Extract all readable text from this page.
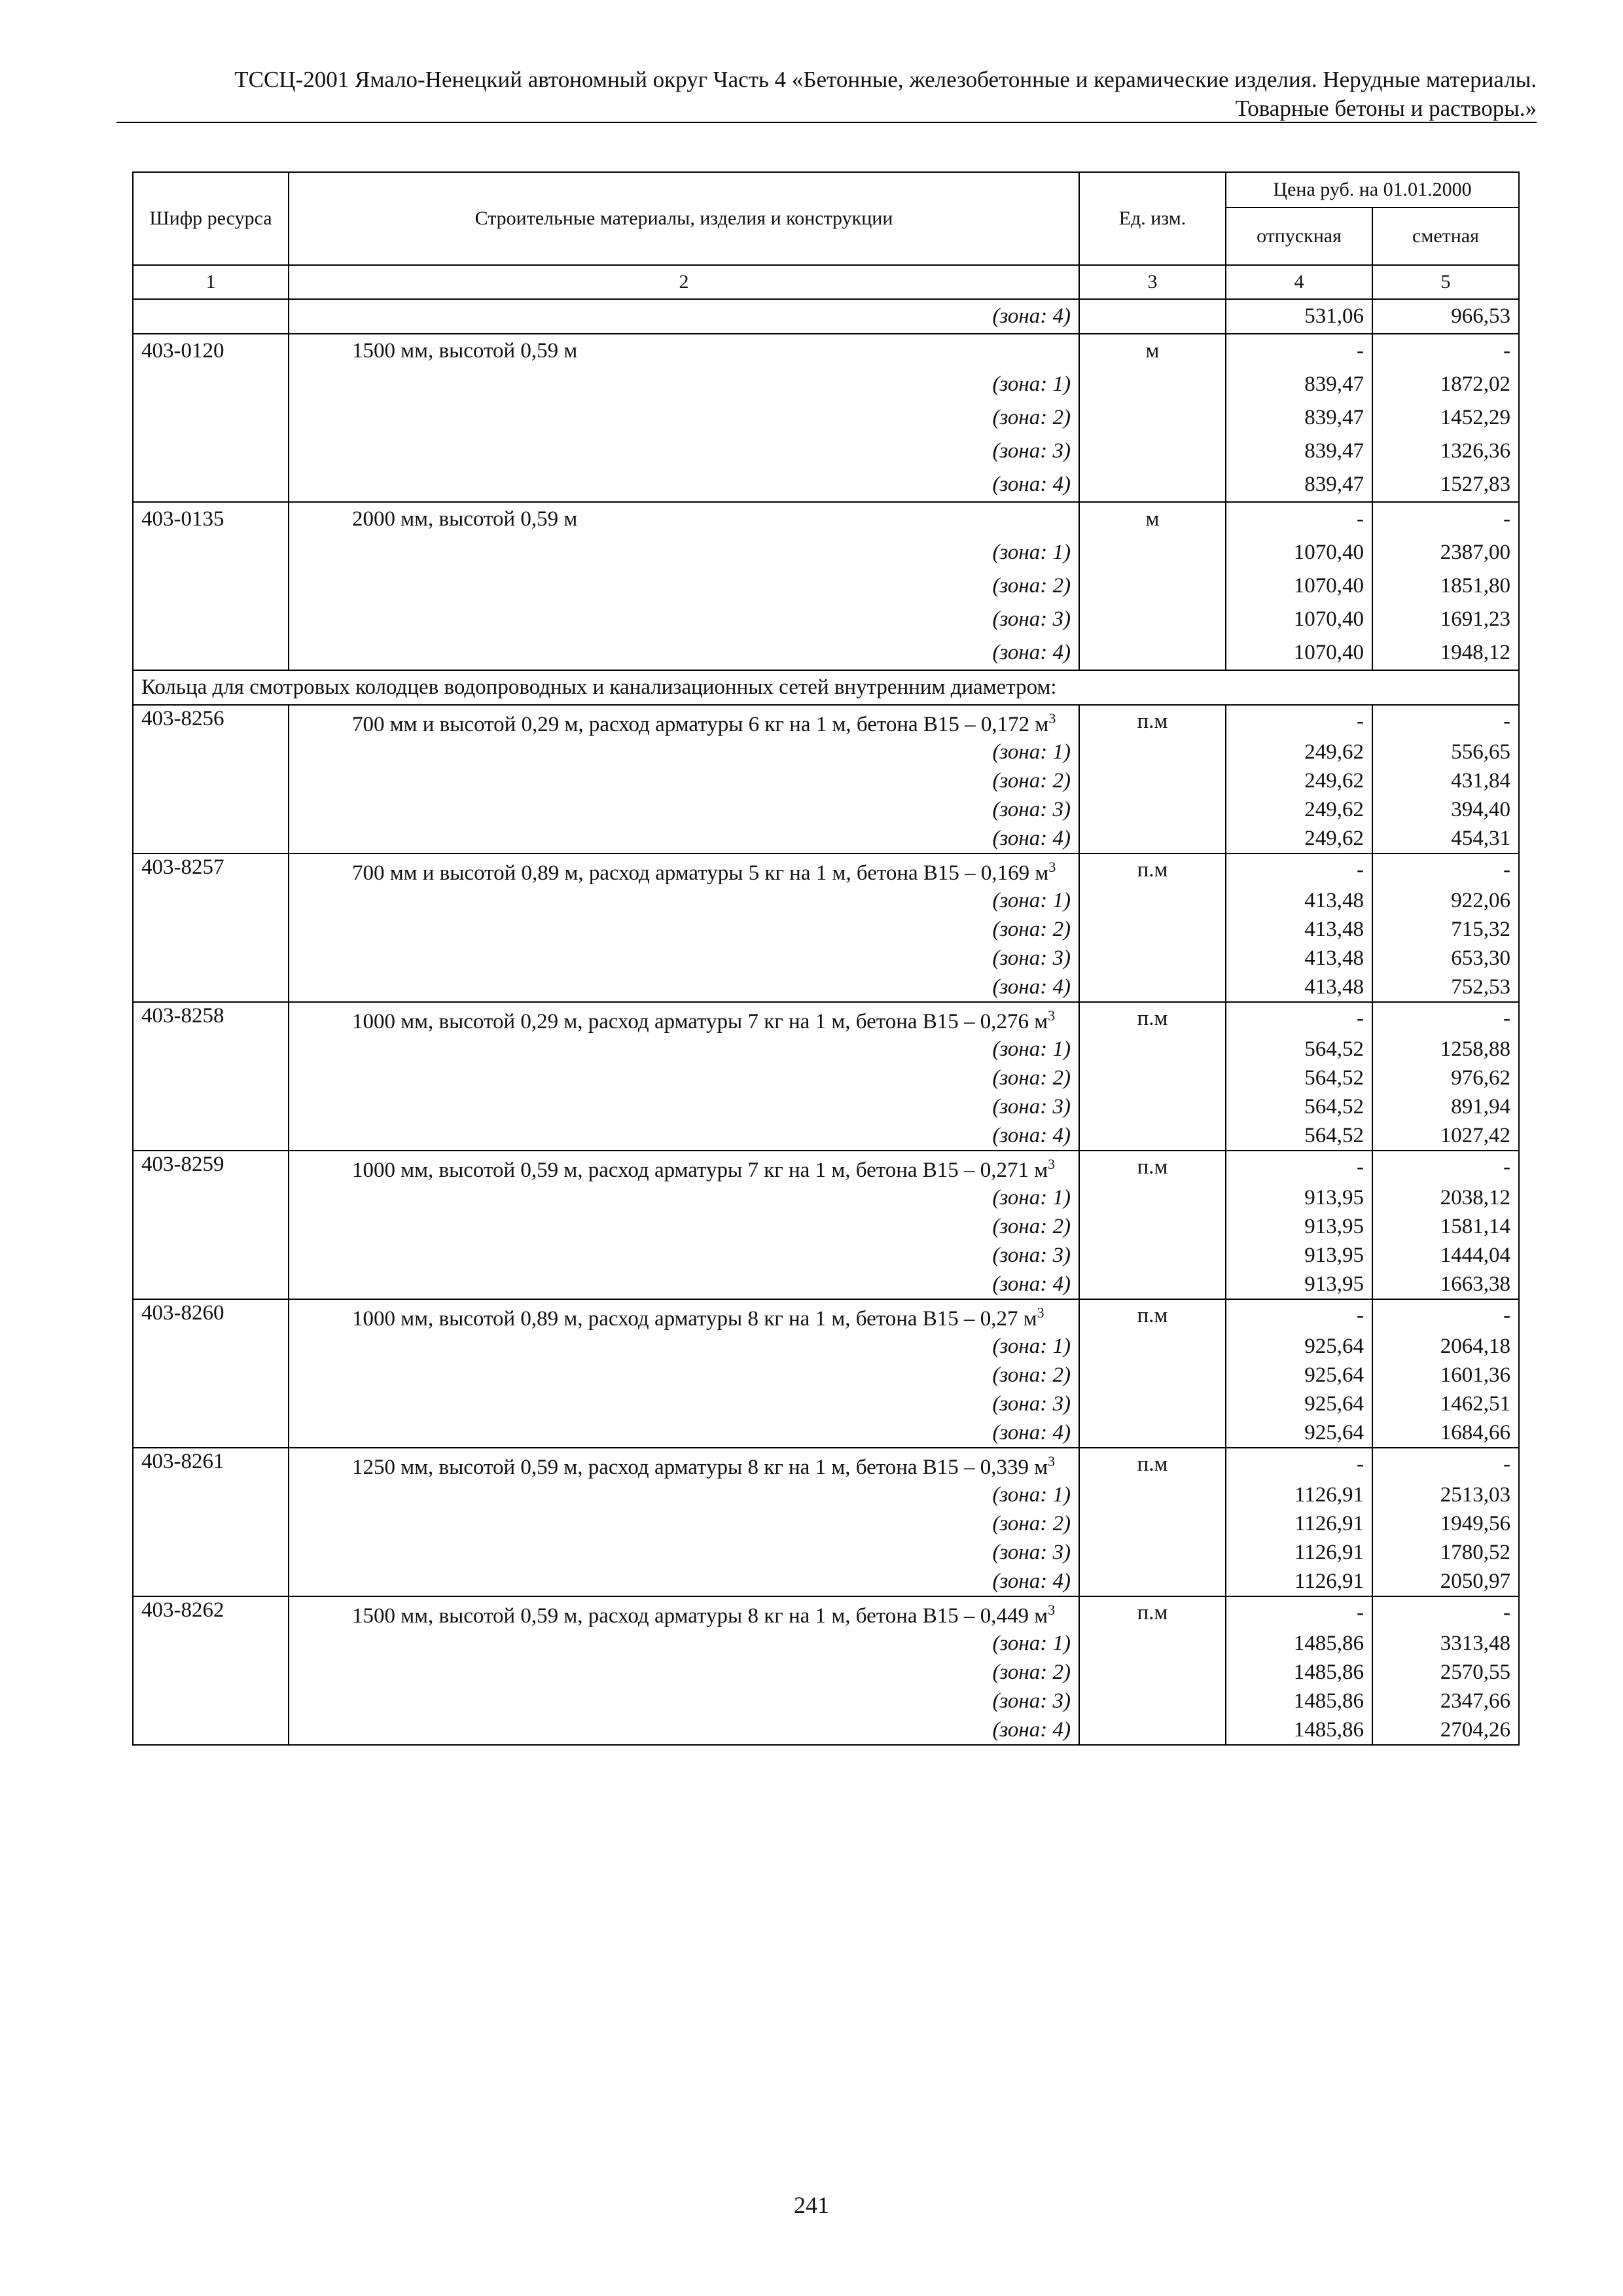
ТССЦ-2001 Ямало-Ненецкий автономный округ Часть 4 «Бетонные, железобетонные и керамические изделия. Нерудные материалы.
Товарные бетоны и растворы.»
Шифр ресурса	Строительные материалы, изделия и конструкции	Ед. изм.	Цена руб. на 01.01.2000	
			отпускная	сметная
1	2	3	4	5
	(зона: 4)		531,06	966,53
403-0120	1500 мм, высотой 0,59 м	м	-	-
	(зона: 1)		839,47	1872,02
	(зона: 2)		839,47	1452,29
	(зона: 3)		839,47	1326,36
	(зона: 4)		839,47	1527,83
403-0135	2000 мм, высотой 0,59 м	м	-	-
	(зона: 1)		1070,40	2387,00
	(зона: 2)		1070,40	1851,80
	(зона: 3)		1070,40	1691,23
	(зона: 4)		1070,40	1948,12
Кольца для смотровых колодцев водопроводных и канализационных сетей внутренним диаметром:				
403-8256	700 мм и высотой 0,29 м, расход арматуры 6 кг на 1 м, бетона В15 – 0,172 $м^3$	п.м	-	-
	(зона: 1)		249,62	556,65
	(зона: 2)		249,62	431,84
	(зона: 3)		249,62	394,40
	(зона: 4)		249,62	454,31
403-8257	700 мм и высотой 0,89 м, расход арматуры 5 кг на 1 м, бетона В15 – 0,169 $м^3$	п.м	-	-
	(зона: 1)		413,48	922,06
	(зона: 2)		413,48	715,32
	(зона: 3)		413,48	653,30
	(зона: 4)		413,48	752,53
403-8258	1000 мм, высотой 0,29 м, расход арматуры 7 кг на 1 м, бетона В15 – 0,276 $м^3$	п.м	-	-
	(зона: 1)		564,52	1258,88
	(зона: 2)		564,52	976,62
	(зона: 3)		564,52	891,94
	(зона: 4)		564,52	1027,42
403-8259	1000 мм, высотой 0,59 м, расход арматуры 7 кг на 1 м, бетона В15 – 0,271 $м^3$	п.м	-	-
	(зона: 1)		913,95	2038,12
	(зона: 2)		913,95	1581,14
	(зона: 3)		913,95	1444,04
	(зона: 4)		913,95	1663,38
403-8260	1000 мм, высотой 0,89 м, расход арматуры 8 кг на 1 м, бетона В15 – 0,27 $м^3$	п.м	-	-
	(зона: 1)		925,64	2064,18
	(зона: 2)		925,64	1601,36
	(зона: 3)		925,64	1462,51
	(зона: 4)		925,64	1684,66
403-8261	1250 мм, высотой 0,59 м, расход арматуры 8 кг на 1 м, бетона В15 – 0,339 $м^3$	п.м	-	-
	(зона: 1)		1126,91	2513,03
	(зона: 2)		1126,91	1949,56
	(зона: 3)		1126,91	1780,52
	(зона: 4)		1126,91	2050,97
403-8262	1500 мм, высотой 0,59 м, расход арматуры 8 кг на 1 м, бетона В15 – 0,449 $м^3$	п.м	-	-
	(зона: 1)		1485,86	3313,48
	(зона: 2)		1485,86	2570,55
	(зона: 3)		1485,86	2347,66
	(зона: 4)		1485,86	2704,26
241
